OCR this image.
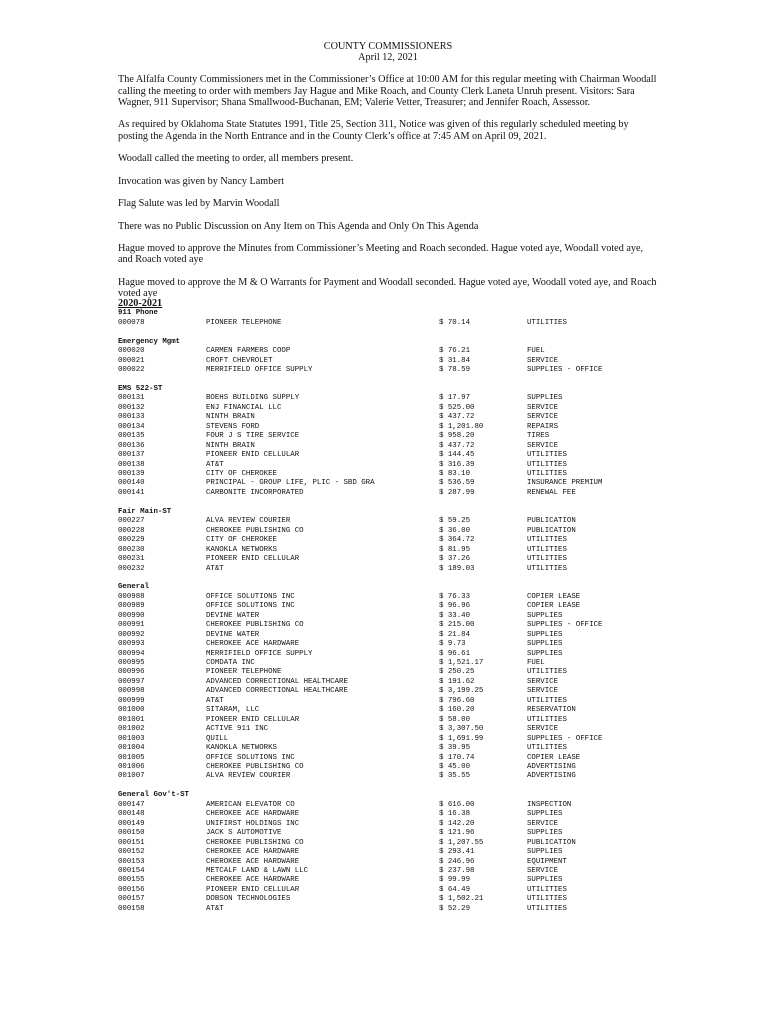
COUNTY COMMISSIONERS
April 12, 2021

The Alfalfa County Commissioners met in the Commissioner’s Office at 10:00 AM for this regular meeting with Chairman Woodall calling the meeting to order with members Jay Hague and Mike Roach, and County Clerk Laneta Unruh present. Visitors: Sara Wagner, 911 Supervisor; Shana Smallwood-Buchanan, EM; Valerie Vetter, Treasurer; and Jennifer Roach, Assessor.

As required by Oklahoma State Statutes 1991, Title 25, Section 311, Notice was given of this regularly scheduled meeting by posting the Agenda in the North Entrance and in the County Clerk’s office at 7:45 AM on April 09, 2021.

Woodall called the meeting to order, all members present.

Invocation was given by Nancy Lambert

Flag Salute was led by Marvin Woodall

There was no Public Discussion on Any Item on This Agenda and Only On This Agenda

Hague moved to approve the Minutes from Commissioner’s Meeting and Roach seconded. Hague voted aye, Woodall voted aye, and Roach voted aye

Hague moved to approve the M & O Warrants for Payment and Woodall seconded. Hague voted aye, Woodall voted aye, and Roach voted aye

2020-2021
911 Phone
000078	PIONEER TELEPHONE	$ 70.14	UTILITIES
Emergency Mgmt
000020	CARMEN FARMERS COOP	$ 76.21	FUEL
000021	CROFT CHEVROLET	$ 31.84	SERVICE
000022	MERRIFIELD OFFICE SUPPLY	$ 78.59	SUPPLIES - OFFICE
EMS 522-ST
000131	BOEHS BUILDING SUPPLY	$ 17.97	SUPPLIES
000132	ENJ FINANCIAL LLC	$ 525.00	SERVICE
000133	NINTH BRAIN	$ 437.72	SERVICE
000134	STEVENS FORD	$ 1,201.80	REPAIRS
000135	FOUR J S TIRE SERVICE	$ 958.20	TIRES
000136	NINTH BRAIN	$ 437.72	SERVICE
000137	PIONEER ENID CELLULAR	$ 144.45	UTILITIES
000138	AT&T	$ 316.39	UTILITIES
000139	CITY OF CHEROKEE	$ 83.10	UTILITIES
000140	PRINCIPAL - GROUP LIFE, PLIC - SBD GRA	$ 536.59	INSURANCE PREMIUM
000141	CARBONITE INCORPORATED	$ 287.99	RENEWAL FEE
Fair Main-ST
000227	ALVA REVIEW COURIER	$ 59.25	PUBLICATION
000228	CHEROKEE PUBLISHING CO	$ 36.00	PUBLICATION
000229	CITY OF CHEROKEE	$ 364.72	UTILITIES
000230	KANOKLA NETWORKS	$ 81.95	UTILITIES
000231	PIONEER ENID CELLULAR	$ 37.26	UTILITIES
000232	AT&T	$ 189.03	UTILITIES
General
000988	OFFICE SOLUTIONS INC	$ 76.33	COPIER LEASE
000989	OFFICE SOLUTIONS INC	$ 96.96	COPIER LEASE
000990	DEVINE WATER	$ 33.40	SUPPLIES
000991	CHEROKEE PUBLISHING CO	$ 215.00	SUPPLIES - OFFICE
000992	DEVINE WATER	$ 21.84	SUPPLIES
000993	CHEROKEE ACE HARDWARE	$ 9.73	SUPPLIES
000994	MERRIFIELD OFFICE SUPPLY	$ 96.61	SUPPLIES
000995	COMDATA INC	$ 1,521.17	FUEL
000996	PIONEER TELEPHONE	$ 250.25	UTILITIES
000997	ADVANCED CORRECTIONAL HEALTHCARE	$ 191.62	SERVICE
000998	ADVANCED CORRECTIONAL HEALTHCARE	$ 3,199.25	SERVICE
000999	AT&T	$ 796.60	UTILITIES
001000	SITARAM, LLC	$ 160.20	RESERVATION
001001	PIONEER ENID CELLULAR	$ 58.00	UTILITIES
001002	ACTIVE 911 INC	$ 3,307.50	SERVICE
001003	QUILL	$ 1,691.99	SUPPLIES - OFFICE
001004	KANOKLA NETWORKS	$ 39.95	UTILITIES
001005	OFFICE SOLUTIONS INC	$ 170.74	COPIER LEASE
001006	CHEROKEE PUBLISHING CO	$ 45.00	ADVERTISING
001007	ALVA REVIEW COURIER	$ 35.55	ADVERTISING
General Gov't-ST
000147	AMERICAN ELEVATOR CO	$ 616.00	INSPECTION
000148	CHEROKEE ACE HARDWARE	$ 16.38	SUPPLIES
000149	UNIFIRST HOLDINGS INC	$ 142.20	SERVICE
000150	JACK S AUTOMOTIVE	$ 121.96	SUPPLIES
000151	CHEROKEE PUBLISHING CO	$ 1,207.55	PUBLICATION
000152	CHEROKEE ACE HARDWARE	$ 293.41	SUPPLIES
000153	CHEROKEE ACE HARDWARE	$ 246.96	EQUIPMENT
000154	METCALF LAND & LAWN LLC	$ 237.98	SERVICE
000155	CHEROKEE ACE HARDWARE	$ 99.99	SUPPLIES
000156	PIONEER ENID CELLULAR	$ 64.49	UTILITIES
000157	DOBSON TECHNOLOGIES	$ 1,502.21	UTILITIES
000158	AT&T	$ 52.29	UTILITIES
